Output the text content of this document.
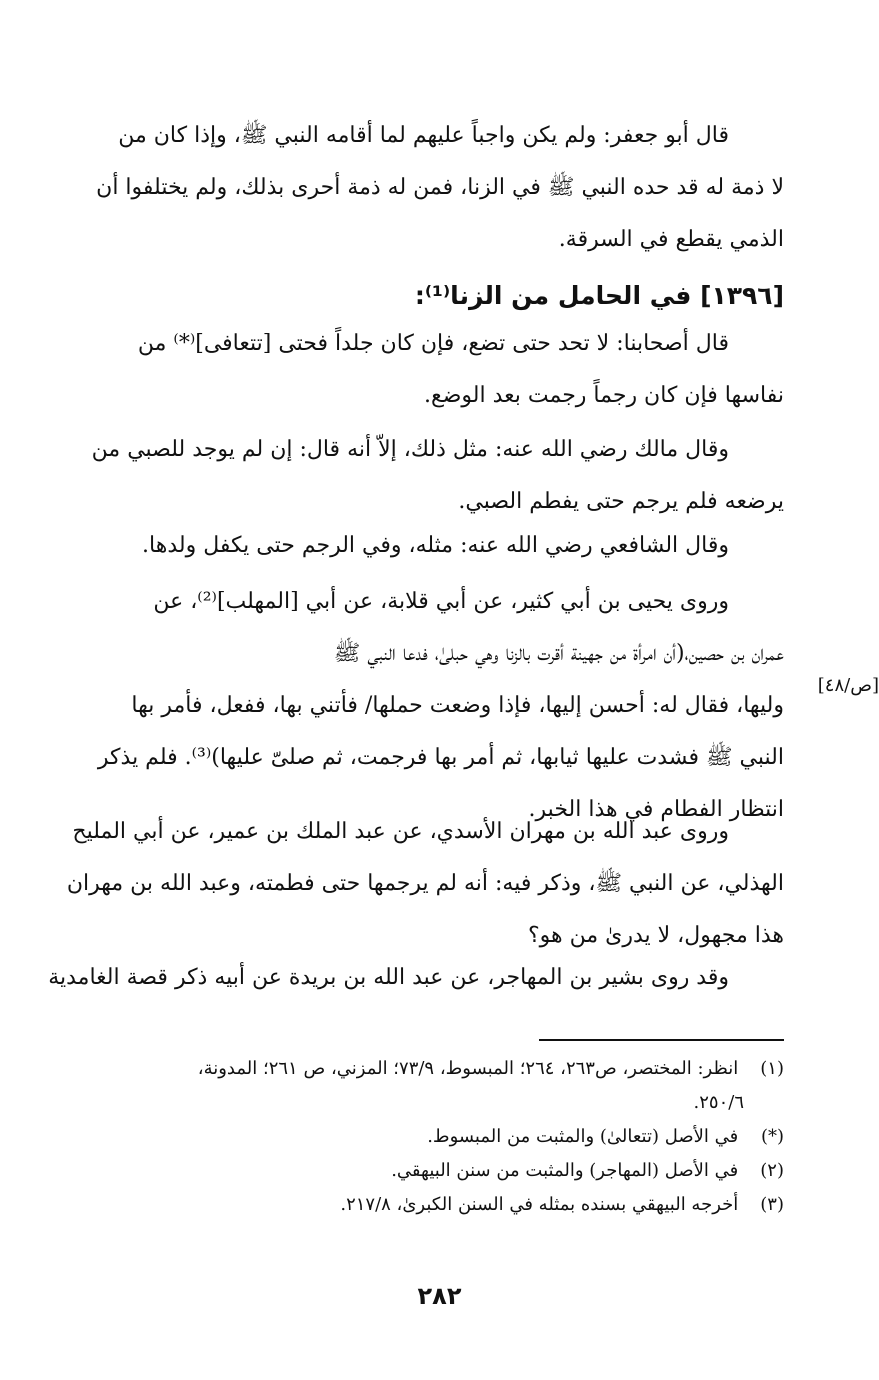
قال أبو جعفر: ولم يكن واجباً عليهم لما أقامه النبي ﷺ، وإذا كان من
لا ذمة له قد حده النبي ﷺ في الزنا، فمن له ذمة أحرى بذلك، ولم يختلفوا أن
الذمي يقطع في السرقة.
[١٣٩٦] في الحامل من الزنا⁽¹⁾:
قال أصحابنا: لا تحد حتى تضع، فإن كان جلداً فحتى [تتعافى]⁽*⁾ من
نفاسها فإن كان رجماً رجمت بعد الوضع.
وقال مالك رضي الله عنه: مثل ذلك، إلاّ أنه قال: إن لم يوجد للصبي من
يرضعه فلم يرجم حتى يفطم الصبي.
وقال الشافعي رضي الله عنه: مثله، وفي الرجم حتى يكفل ولدها.
وروى يحيى بن أبي كثير، عن أبي قلابة، عن أبي [المهلب]⁽²⁾، عن
عمران بن حصين،(أن امرأة من جهينة أقرت بالزنا وهي حبلىٰ، فدعا النبي ﷺ
وليها، فقال له: أحسن إليها، فإذا وضعت حملها/ فأتني بها، ففعل، فأمر بها
النبي ﷺ فشدت عليها ثيابها، ثم أمر بها فرجمت، ثم صلىّ عليها)⁽³⁾. فلم يذكر
انتظار الفطام في هذا الخبر.
[ص/٤٨]
وروى عبد الله بن مهران الأسدي، عن عبد الملك بن عمير، عن أبي المليح
الهذلي، عن النبي ﷺ، وذكر فيه: أنه لم يرجمها حتى فطمته، وعبد الله بن مهران
هذا مجهول، لا يدرىٰ من هو؟
وقد روى بشير بن المهاجر، عن عبد الله بن بريدة عن أبيه ذكر قصة الغامدية
(١) انظر: المختصر، ص٢٦٣، ٢٦٤؛ المبسوط، ٧٣/٩؛ المزني، ص ٢٦١؛ المدونة،
٢٥٠/٦.
(*) في الأصل (تتعالىٰ) والمثبت من المبسوط.
(٢) في الأصل (المهاجر) والمثبت من سنن البيهقي.
(٣) أخرجه البيهقي بسنده بمثله في السنن الكبرىٰ، ٢١٧/٨.
٢٨٢
